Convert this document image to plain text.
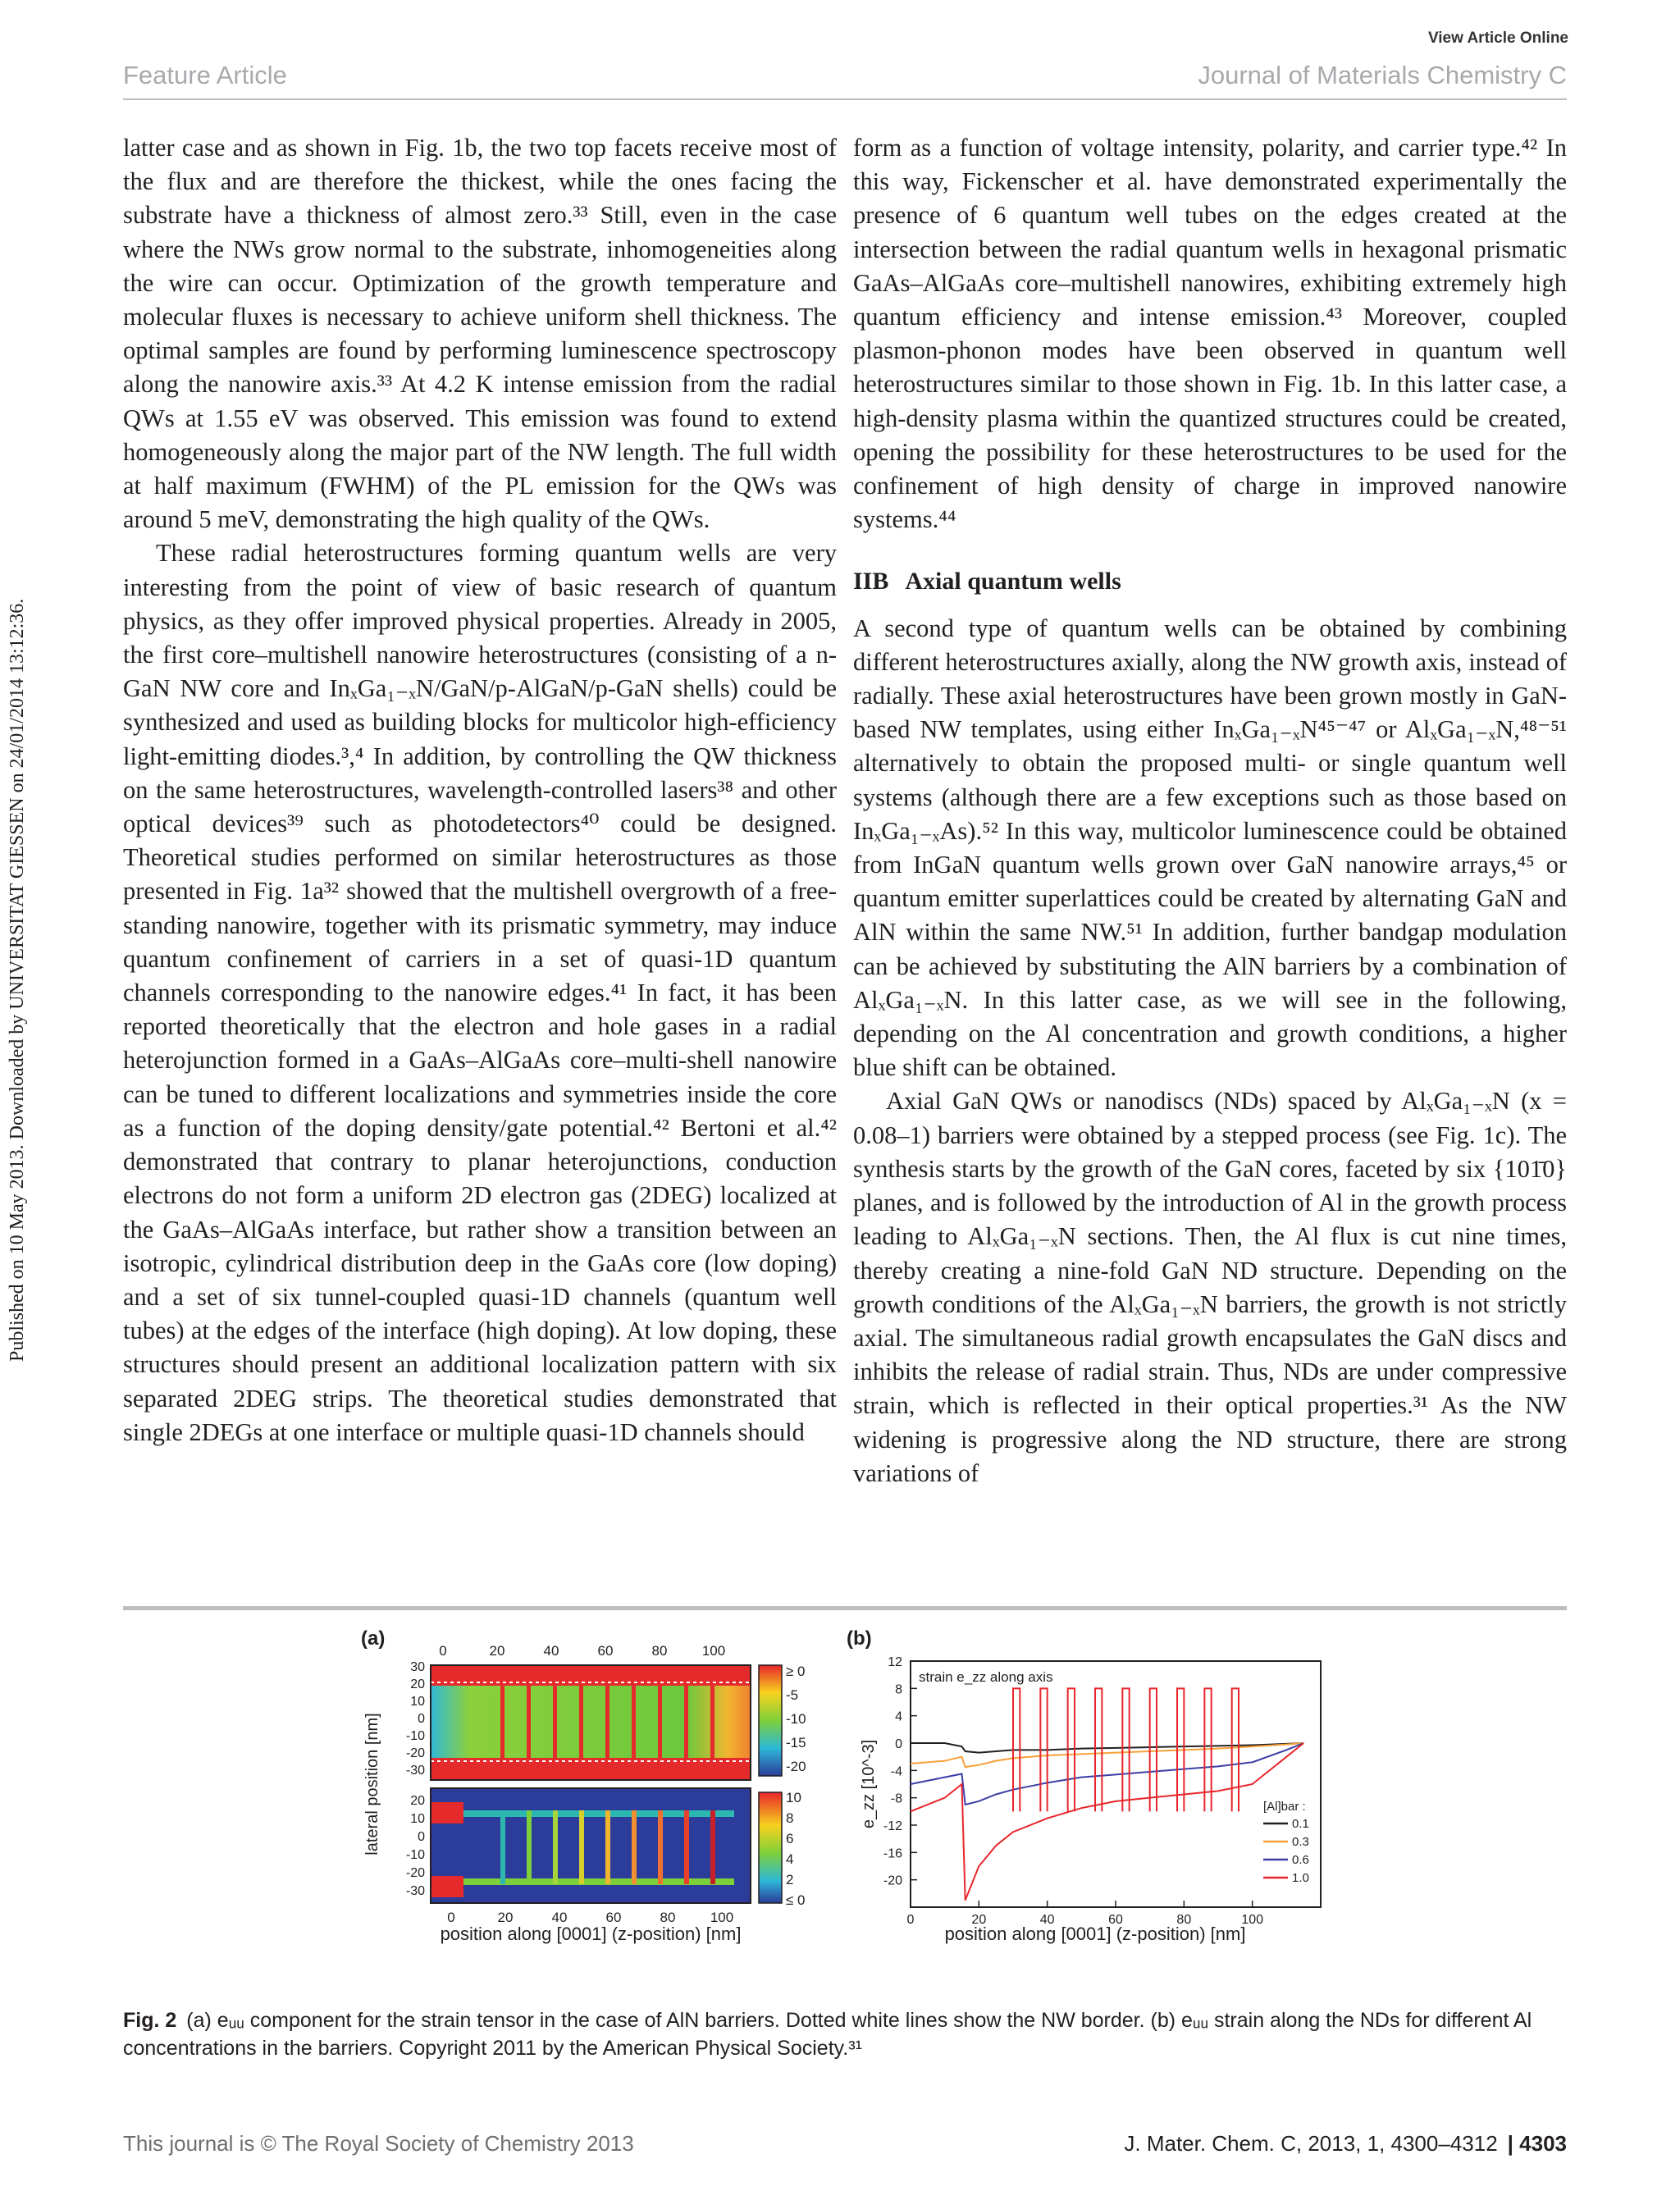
View Article Online
Feature Article	Journal of Materials Chemistry C
Published on 10 May 2013. Downloaded by UNIVERSITAT GIESSEN on 24/01/2014 13:12:36.

latter case and as shown in Fig. 1b, the two top facets receive most of the flux and are therefore the thickest, while the ones facing the substrate have a thickness of almost zero.³³ Still, even in the case where the NWs grow normal to the substrate, inhomogeneities along the wire can occur. Optimization of the growth temperature and molecular fluxes is necessary to achieve uniform shell thickness. The optimal samples are found by performing luminescence spectroscopy along the nanowire axis.³³ At 4.2 K intense emission from the radial QWs at 1.55 eV was observed. This emission was found to extend homogeneously along the major part of the NW length. The full width at half maximum (FWHM) of the PL emission for the QWs was around 5 meV, demonstrating the high quality of the QWs.

These radial heterostructures forming quantum wells are very interesting from the point of view of basic research of quantum physics, as they offer improved physical properties. Already in 2005, the first core–multishell nanowire heterostructures (consisting of a n-GaN NW core and InₓGa₁₋ₓN/GaN/p-AlGaN/p-GaN shells) could be synthesized and used as building blocks for multicolor high-efficiency light-emitting diodes.³,⁴ In addition, by controlling the QW thickness on the same heterostructures, wavelength-controlled lasers³⁸ and other optical devices³⁹ such as photodetectors⁴⁰ could be designed. Theoretical studies performed on similar heterostructures as those presented in Fig. 1a³² showed that the multishell overgrowth of a free-standing nanowire, together with its prismatic symmetry, may induce quantum confinement of carriers in a set of quasi-1D quantum channels corresponding to the nanowire edges.⁴¹ In fact, it has been reported theoretically that the electron and hole gases in a radial heterojunction formed in a GaAs–AlGaAs core–multi-shell nanowire can be tuned to different localizations and symmetries inside the core as a function of the doping density/gate potential.⁴² Bertoni et al.⁴² demonstrated that contrary to planar heterojunctions, conduction electrons do not form a uniform 2D electron gas (2DEG) localized at the GaAs–AlGaAs interface, but rather show a transition between an isotropic, cylindrical distribution deep in the GaAs core (low doping) and a set of six tunnel-coupled quasi-1D channels (quantum well tubes) at the edges of the interface (high doping). At low doping, these structures should present an additional localization pattern with six separated 2DEG strips. The theoretical studies demonstrated that single 2DEGs at one interface or multiple quasi-1D channels should

form as a function of voltage intensity, polarity, and carrier type.⁴² In this way, Fickenscher et al. have demonstrated experimentally the presence of 6 quantum well tubes on the edges created at the intersection between the radial quantum wells in hexagonal prismatic GaAs–AlGaAs core–multishell nanowires, exhibiting extremely high quantum efficiency and intense emission.⁴³ Moreover, coupled plasmon-phonon modes have been observed in quantum well heterostructures similar to those shown in Fig. 1b. In this latter case, a high-density plasma within the quantized structures could be created, opening the possibility for these heterostructures to be used for the confinement of high density of charge in improved nanowire systems.⁴⁴

IIB Axial quantum wells

A second type of quantum wells can be obtained by combining different heterostructures axially, along the NW growth axis, instead of radially. These axial heterostructures have been grown mostly in GaN-based NW templates, using either InₓGa₁₋ₓN⁴⁵⁻⁴⁷ or AlₓGa₁₋ₓN,⁴⁸⁻⁵¹ alternatively to obtain the proposed multi- or single quantum well systems (although there are a few exceptions such as those based on InₓGa₁₋ₓAs).⁵² In this way, multicolor luminescence could be obtained from InGaN quantum wells grown over GaN nanowire arrays,⁴⁵ or quantum emitter superlattices could be created by alternating GaN and AlN within the same NW.⁵¹ In addition, further bandgap modulation can be achieved by substituting the AlN barriers by a combination of AlₓGa₁₋ₓN. In this latter case, as we will see in the following, depending on the Al concentration and growth conditions, a higher blue shift can be obtained.

Axial GaN QWs or nanodiscs (NDs) spaced by AlₓGa₁₋ₓN (x = 0.08–1) barriers were obtained by a stepped process (see Fig. 1c). The synthesis starts by the growth of the GaN cores, faceted by six {101̄0} planes, and is followed by the introduction of Al in the growth process leading to AlₓGa₁₋ₓN sections. Then, the Al flux is cut nine times, thereby creating a nine-fold GaN ND structure. Depending on the growth conditions of the AlₓGa₁₋ₓN barriers, the growth is not strictly axial. The simultaneous radial growth encapsulates the GaN discs and inhibits the release of radial strain. Thus, NDs are under compressive strain, which is reflected in their optical properties.³¹ As the NW widening is progressive along the ND structure, there are strong variations of

(a)
0	20	40	60	80 100
30
20
10
0
-10
-20
-30
20
10
0
-10
-20
-30
0	20	40	60	80 100
lateral position [nm]
position along [0001] (z-position) [nm]
≥ 0
-5
-10
-15
-20
10
8
6
4
2
≤ 0
(b)
strain e_zz along axis
12
8
4
0
-4
-8
-12
-16
-20
0	20	40	60	80	100
[Al]bar :
0.1
0.3
0.6
1.0
e_zz [10^-3]
position along [0001] (z-position) [nm]
Fig. 2 (a) eᵤᵤ component for the strain tensor in the case of AlN barriers. Dotted white lines show the NW border. (b) eᵤᵤ strain along the NDs for different Al concentrations in the barriers. Copyright 2011 by the American Physical Society.³¹
This journal is © The Royal Society of Chemistry 2013	J. Mater. Chem. C, 2013, 1, 4300–4312 | 4303
